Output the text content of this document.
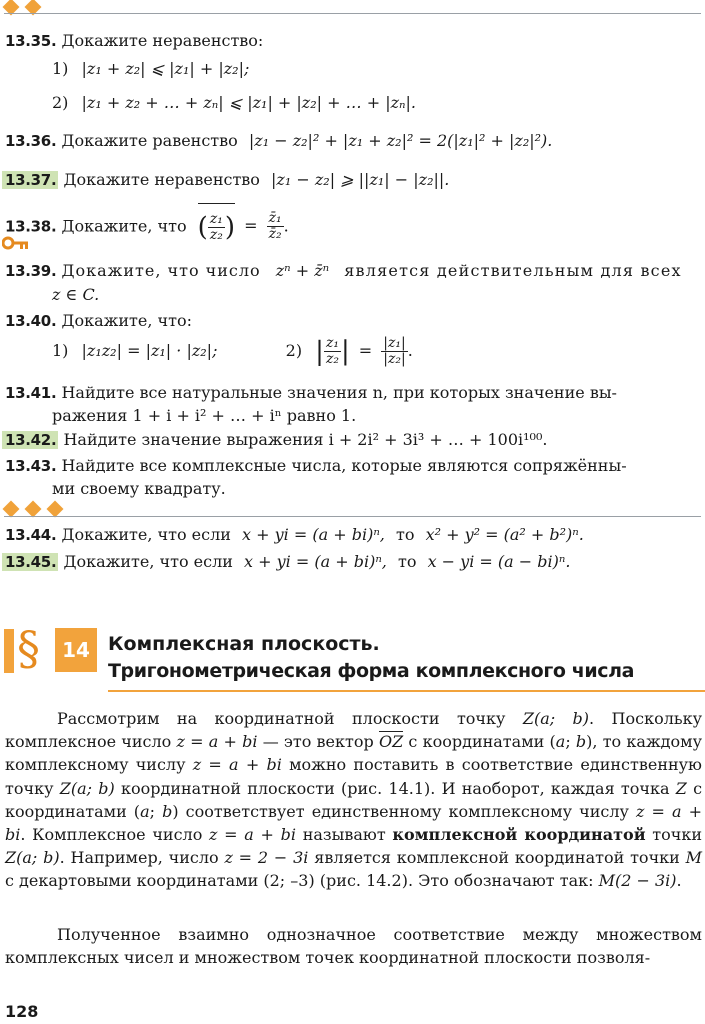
13.35. Докажите неравенство:
1) |z₁ + z₂| ⩽ |z₁| + |z₂|;
2) |z₁ + z₂ + … + zₙ| ⩽ |z₁| + |z₂| + … + |zₙ|.
13.36. Докажите равенство |z₁ − z₂|² + |z₁ + z₂|² = 2(|z₁|² + |z₂|²).
13.37. Докажите неравенство |z₁ − z₂| ⩾ ||z₁| − |z₂||.
13.38. Докажите, что ( $\frac{\text{z₁}}{\text{z₂}}$ ) = $\frac{\text{z̄₁}}{\text{z̄₂}}$ .
13.39. Докажите, что число zⁿ + z̄ⁿ является действительным для всех
z ∈ C.
13.40. Докажите, что:
1) |z₁z₂| = |z₁| · |z₂|;	2) | $\frac{\text{z₁}}{\text{z₂}}$ | = $\frac{\text{|z₁|}}{\text{|z₂|}}$ .
13.41. Найдите все натуральные значения n, при которых значение вы-
ражения 1 + i + i² + … + iⁿ равно 1.
13.42. Найдите значение выражения i + 2i² + 3i³ + … + 100i¹⁰⁰.
13.43. Найдите все комплексные числа, которые являются сопряжённы-
ми своему квадрату.
13.44. Докажите, что если x + yi = (a + bi)ⁿ, то x² + y² = (a² + b²)ⁿ.
13.45. Докажите, что если x + yi = (a + bi)ⁿ, то x − yi = (a − bi)ⁿ.
§	14 Комплексная плоскость.
Тригонометрическая форма комплексного числа
Рассмотрим на координатной плоскости точку Z(a; b). Поскольку комплексное число z = a + bi — это вектор OZ с координатами (a; b), то каждому комплексному числу z = a + bi можно поставить в соответствие единственную точку Z(a; b) координатной плоскости (рис. 14.1). И наоборот, каждая точка Z с координатами (a; b) соответствует единственному комплексному числу z = a + bi. Комплексное число z = a + bi называют комплексной координатой точки Z(a; b). Например, число z = 2 − 3i является комплексной координатой точки M с декартовыми координатами (2; –3) (рис. 14.2). Это обозначают так: M(2 − 3i).
Полученное взаимно однозначное соответствие между множеством комплексных чисел и множеством точек координатной плоскости позволя-
128
